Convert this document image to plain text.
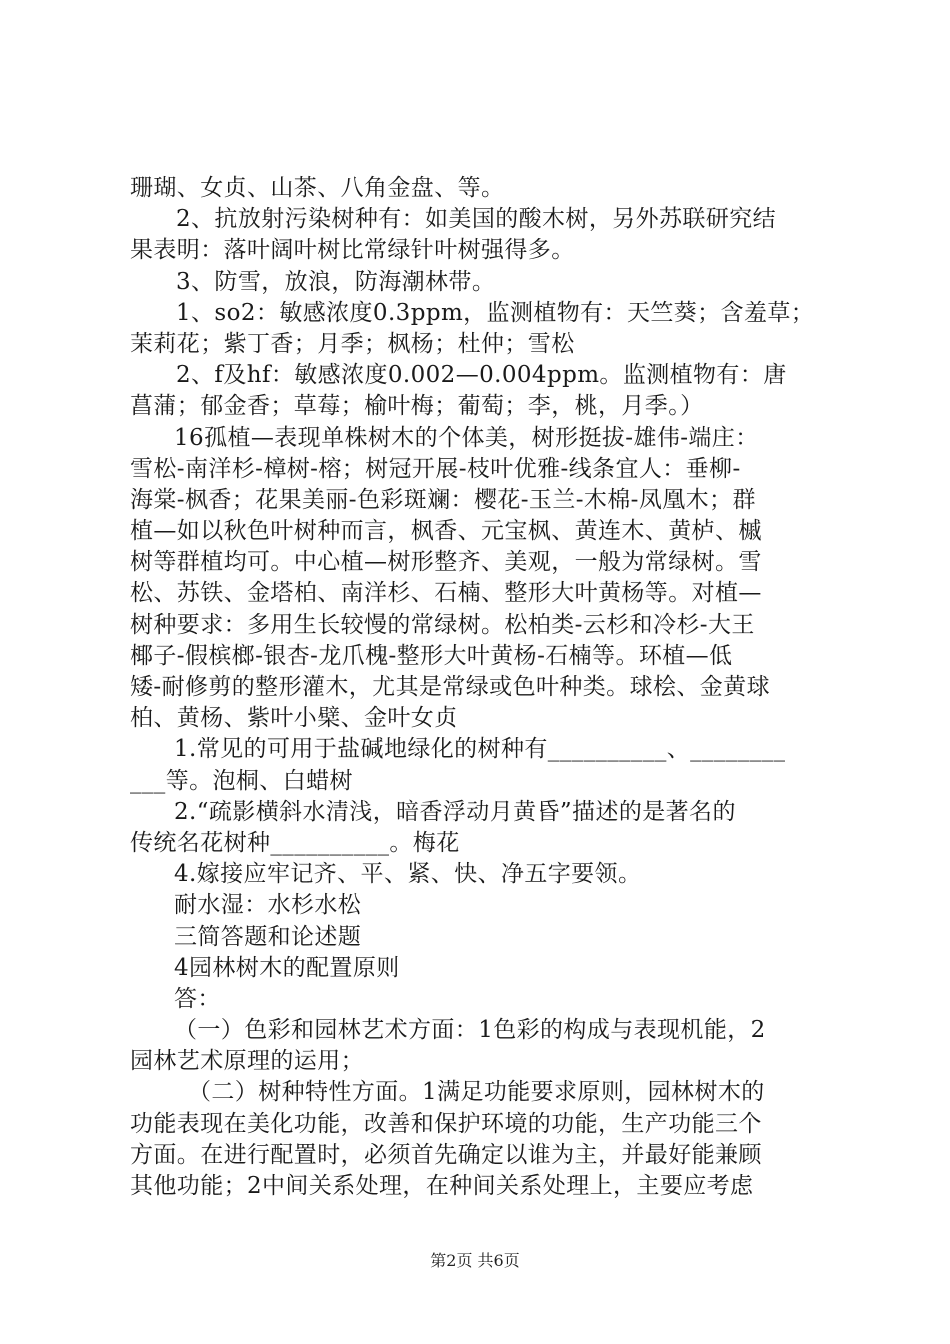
珊瑚、女贞、山茶、八角金盘、等。
2、抗放射污染树种有：如美国的酸木树，另外苏联研究结
果表明：落叶阔叶树比常绿针叶树强得多。
3、防雪，放浪，防海潮林带。
1、so2：敏感浓度0.3ppm，监测植物有：天竺葵；含羞草；
茉莉花；紫丁香；月季；枫杨；杜仲；雪松
2、f及hf：敏感浓度0.002—0.004ppm。监测植物有：唐
菖蒲；郁金香；草莓；榆叶梅；葡萄；李，桃，月季。）
16孤植—表现单株树木的个体美，树形挺拔-雄伟-端庄：
雪松-南洋杉-樟树-榕；树冠开展-枝叶优雅-线条宜人：垂柳-
海棠-枫香；花果美丽-色彩斑斓：樱花-玉兰-木棉-凤凰木；群
植—如以秋色叶树种而言，枫香、元宝枫、黄连木、黄栌、槭
树等群植均可。中心植—树形整齐、美观，一般为常绿树。雪
松、苏铁、金塔柏、南洋杉、石楠、整形大叶黄杨等。对植—
树种要求：多用生长较慢的常绿树。松柏类-云杉和冷杉-大王
椰子-假槟榔-银杏-龙爪槐-整形大叶黄杨-石楠等。环植—低
矮-耐修剪的整形灌木，尤其是常绿或色叶种类。球桧、金黄球
柏、黄杨、紫叶小檗、金叶女贞
1.常见的可用于盐碱地绿化的树种有__________、________
___等。泡桐、白蜡树
2.“疏影横斜水清浅，暗香浮动月黄昏”描述的是著名的
传统名花树种__________。梅花
4.嫁接应牢记齐、平、紧、快、净五字要领。
耐水湿：水杉水松
三简答题和论述题
4园林树木的配置原则
答：
（一）色彩和园林艺术方面：1色彩的构成与表现机能，2
园林艺术原理的运用；
（二）树种特性方面。1满足功能要求原则，园林树木的
功能表现在美化功能，改善和保护环境的功能，生产功能三个
方面。在进行配置时，必须首先确定以谁为主，并最好能兼顾
其他功能；2中间关系处理，在种间关系处理上，主要应考虑
第2页 共6页
